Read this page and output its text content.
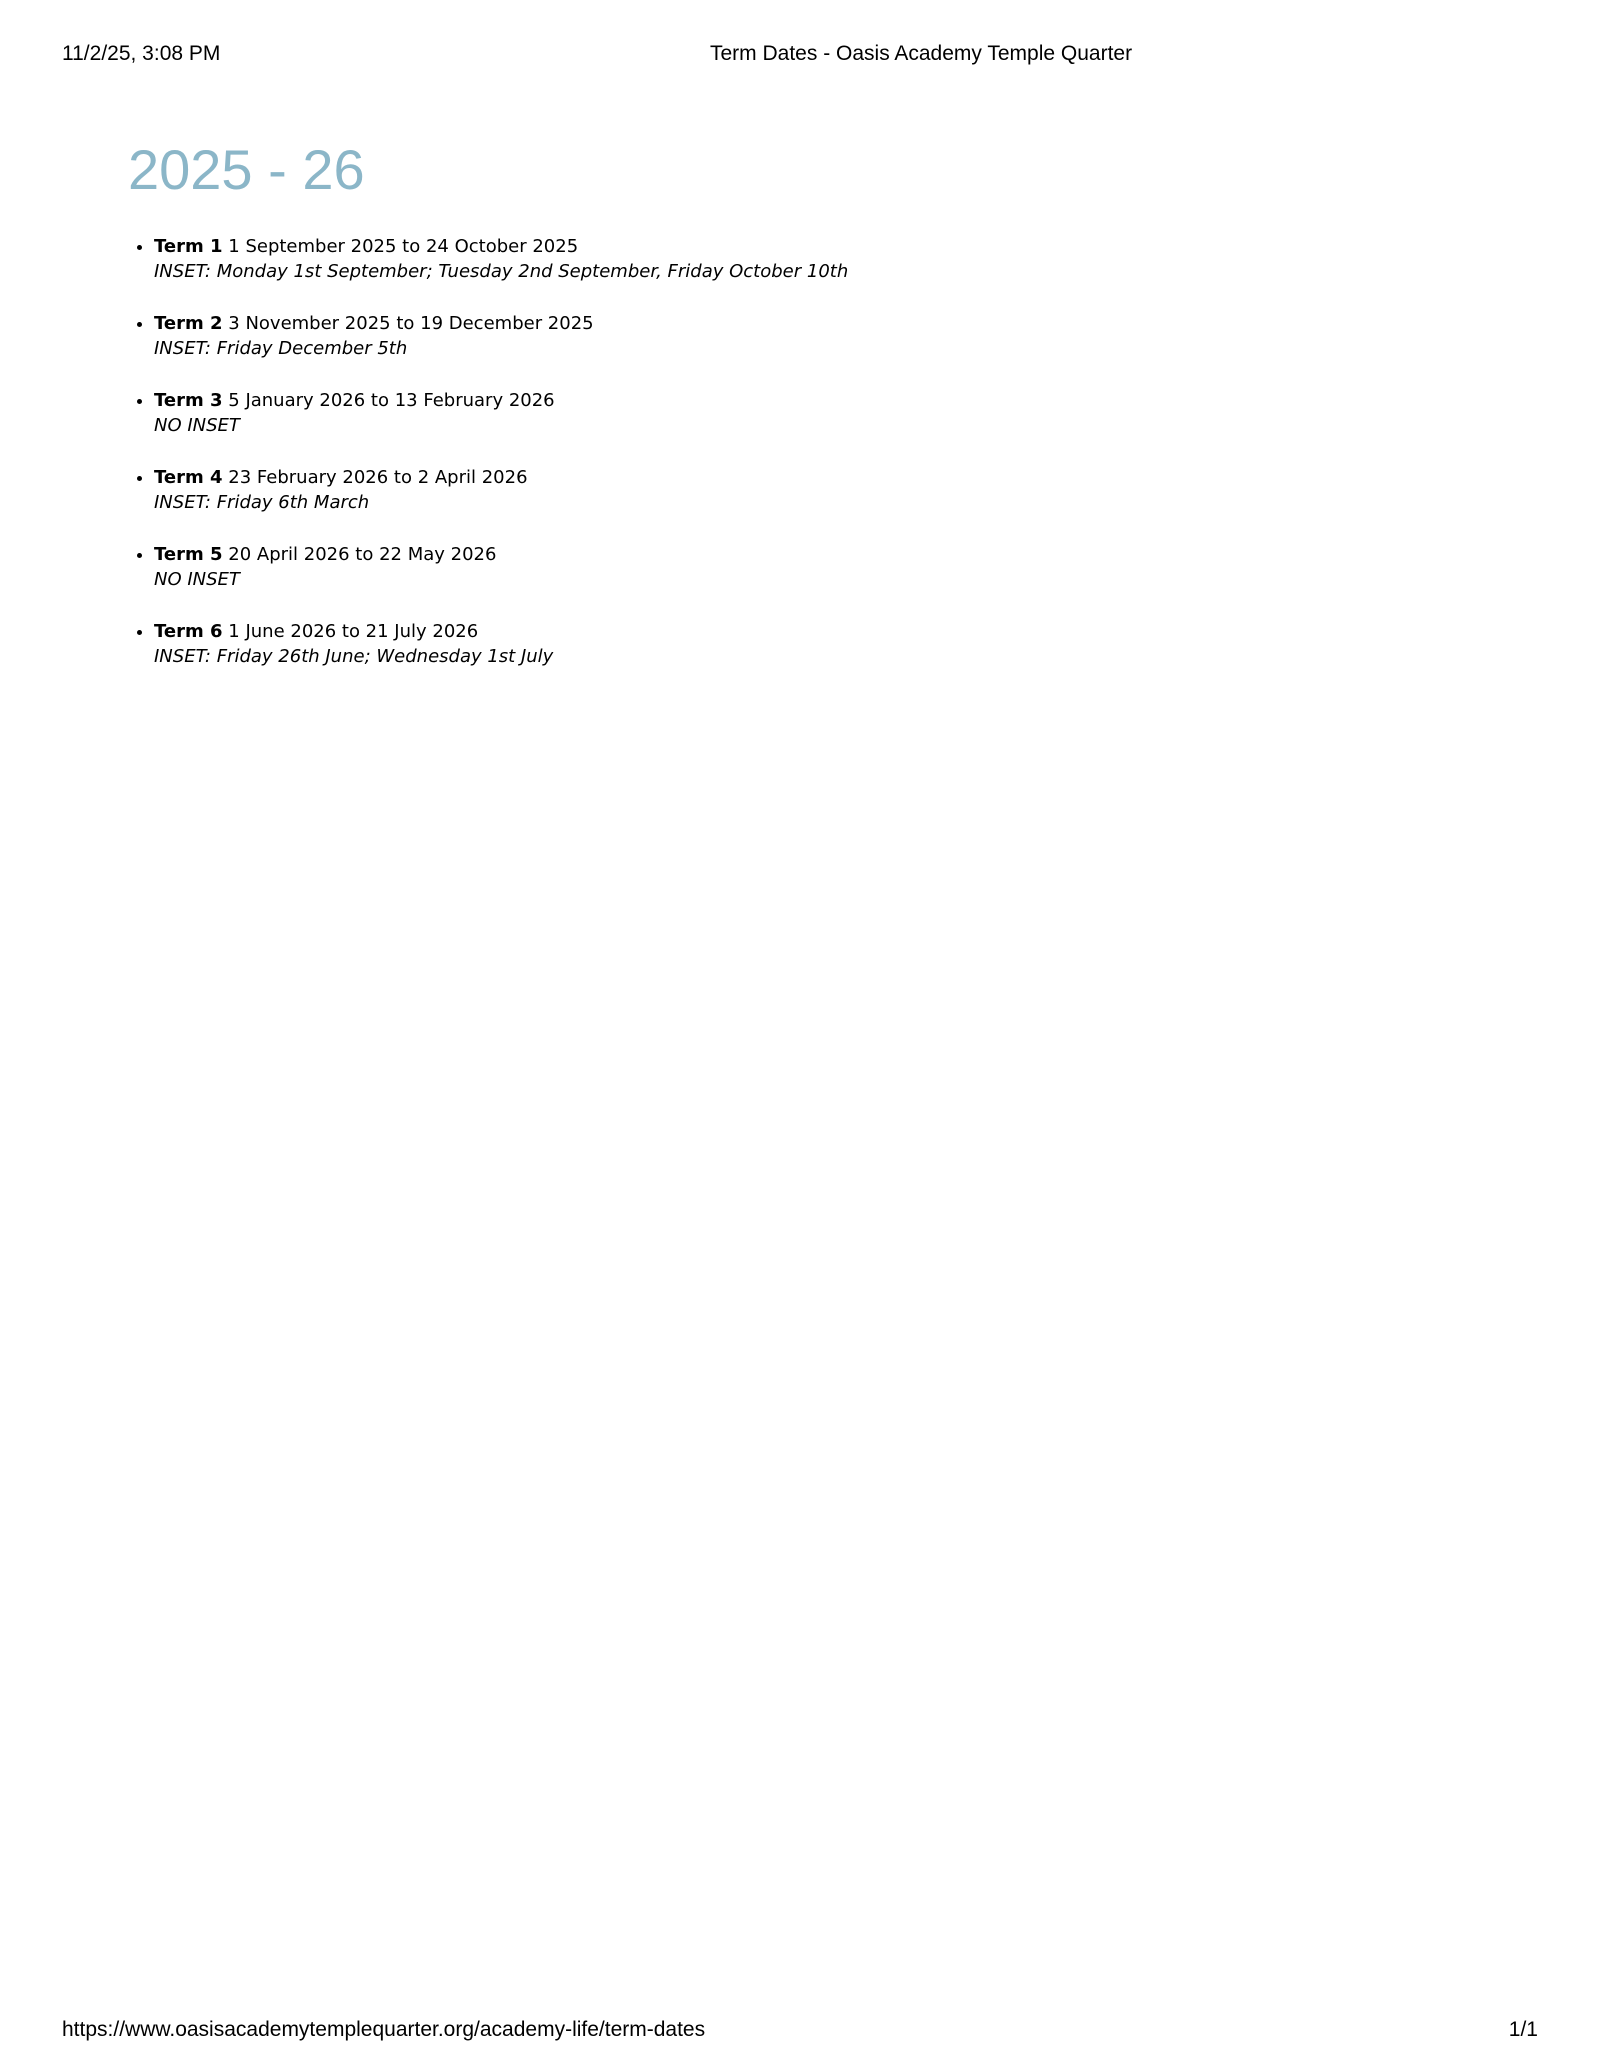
11/2/25, 3:08 PM	Term Dates - Oasis Academy Temple Quarter
2025 - 26
• Term 1 1 September 2025 to 24 October 2025
INSET: Monday 1st September; Tuesday 2nd September, Friday October 10th
• Term 2 3 November 2025 to 19 December 2025
INSET: Friday December 5th
• Term 3 5 January 2026 to 13 February 2026
NO INSET
• Term 4 23 February 2026 to 2 April 2026
INSET: Friday 6th March
• Term 5 20 April 2026 to 22 May 2026
NO INSET
• Term 6 1 June 2026 to 21 July 2026
INSET: Friday 26th June; Wednesday 1st July
https://www.oasisacademytemplequarter.org/academy-life/term-dates	1/1
